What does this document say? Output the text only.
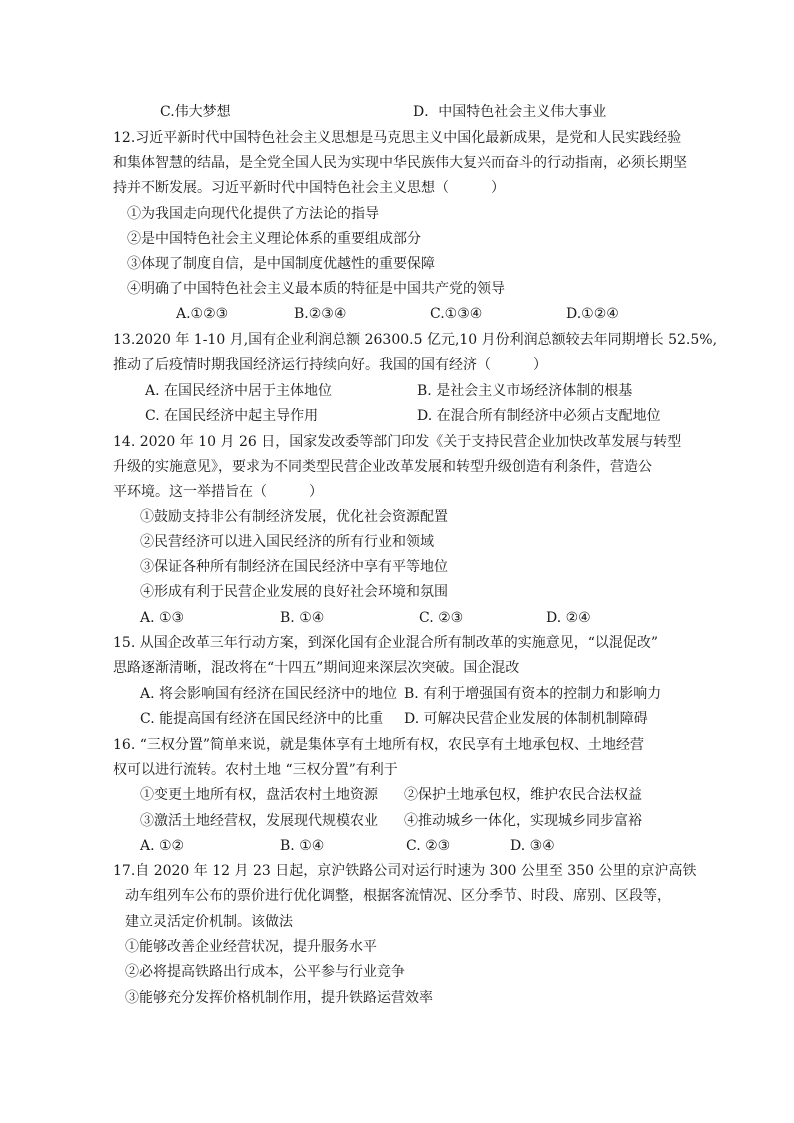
C.伟大梦想	D．中国特色社会主义伟大事业
12.习近平新时代中国特色社会主义思想是马克思主义中国化最新成果，是党和人民实践经验
和集体智慧的结晶，是全党全国人民为实现中华民族伟大复兴而奋斗的行动指南，必须长期坚
持并不断发展。习近平新时代中国特色社会主义思想（　　　）
①为我国走向现代化提供了方法论的指导
②是中国特色社会主义理论体系的重要组成部分
③体现了制度自信，是中国制度优越性的重要保障
④明确了中国特色社会主义最本质的特征是中国共产党的领导
A.①②③	B.②③④	C.①③④	D.①②④
13.2020 年 1-10 月,国有企业利润总额 26300.5 亿元,10 月份利润总额较去年同期增长 52.5%,
推动了后疫情时期我国经济运行持续向好。我国的国有经济（　　　）
A. 在国民经济中居于主体地位	B. 是社会主义市场经济体制的根基
C. 在国民经济中起主导作用	D. 在混合所有制经济中必须占支配地位
14. 2020 年 10 月 26 日，国家发改委等部门印发《关于支持民营企业加快改革发展与转型
升级的实施意见》，要求为不同类型民营企业改革发展和转型升级创造有利条件，营造公
平环境。这一举措旨在（　　　）
①鼓励支持非公有制经济发展，优化社会资源配置
②民营经济可以进入国民经济的所有行业和领域
③保证各种所有制经济在国民经济中享有平等地位
④形成有利于民营企业发展的良好社会环境和氛围
A. ①③	B. ①④	C. ②③	D. ②④
15. 从国企改革三年行动方案，到深化国有企业混合所有制改革的实施意见，“以混促改”
思路逐渐清晰，混改将在“十四五”期间迎来深层次突破。国企混改
A. 将会影响国有经济在国民经济中的地位 B. 有利于增强国有资本的控制力和影响力
C. 能提高国有经济在国民经济中的比重 D. 可解决民营企业发展的体制机制障碍
16. “三权分置”简单来说，就是集体享有土地所有权，农民享有土地承包权、土地经营
权可以进行流转。农村土地 “三权分置”有利于
①变更土地所有权，盘活农村土地资源 ②保护土地承包权，维护农民合法权益
③激活土地经营权，发展现代规模农业 ④推动城乡一体化，实现城乡同步富裕
A. ①②	B. ①④	C. ②③	D. ③④
17.自 2020 年 12 月 23 日起，京沪铁路公司对运行时速为 300 公里至 350 公里的京沪高铁
动车组列车公布的票价进行优化调整，根据客流情况、区分季节、时段、席别、区段等，
建立灵活定价机制。该做法
①能够改善企业经营状况，提升服务水平
②必将提高铁路出行成本，公平参与行业竞争
③能够充分发挥价格机制作用，提升铁路运营效率
